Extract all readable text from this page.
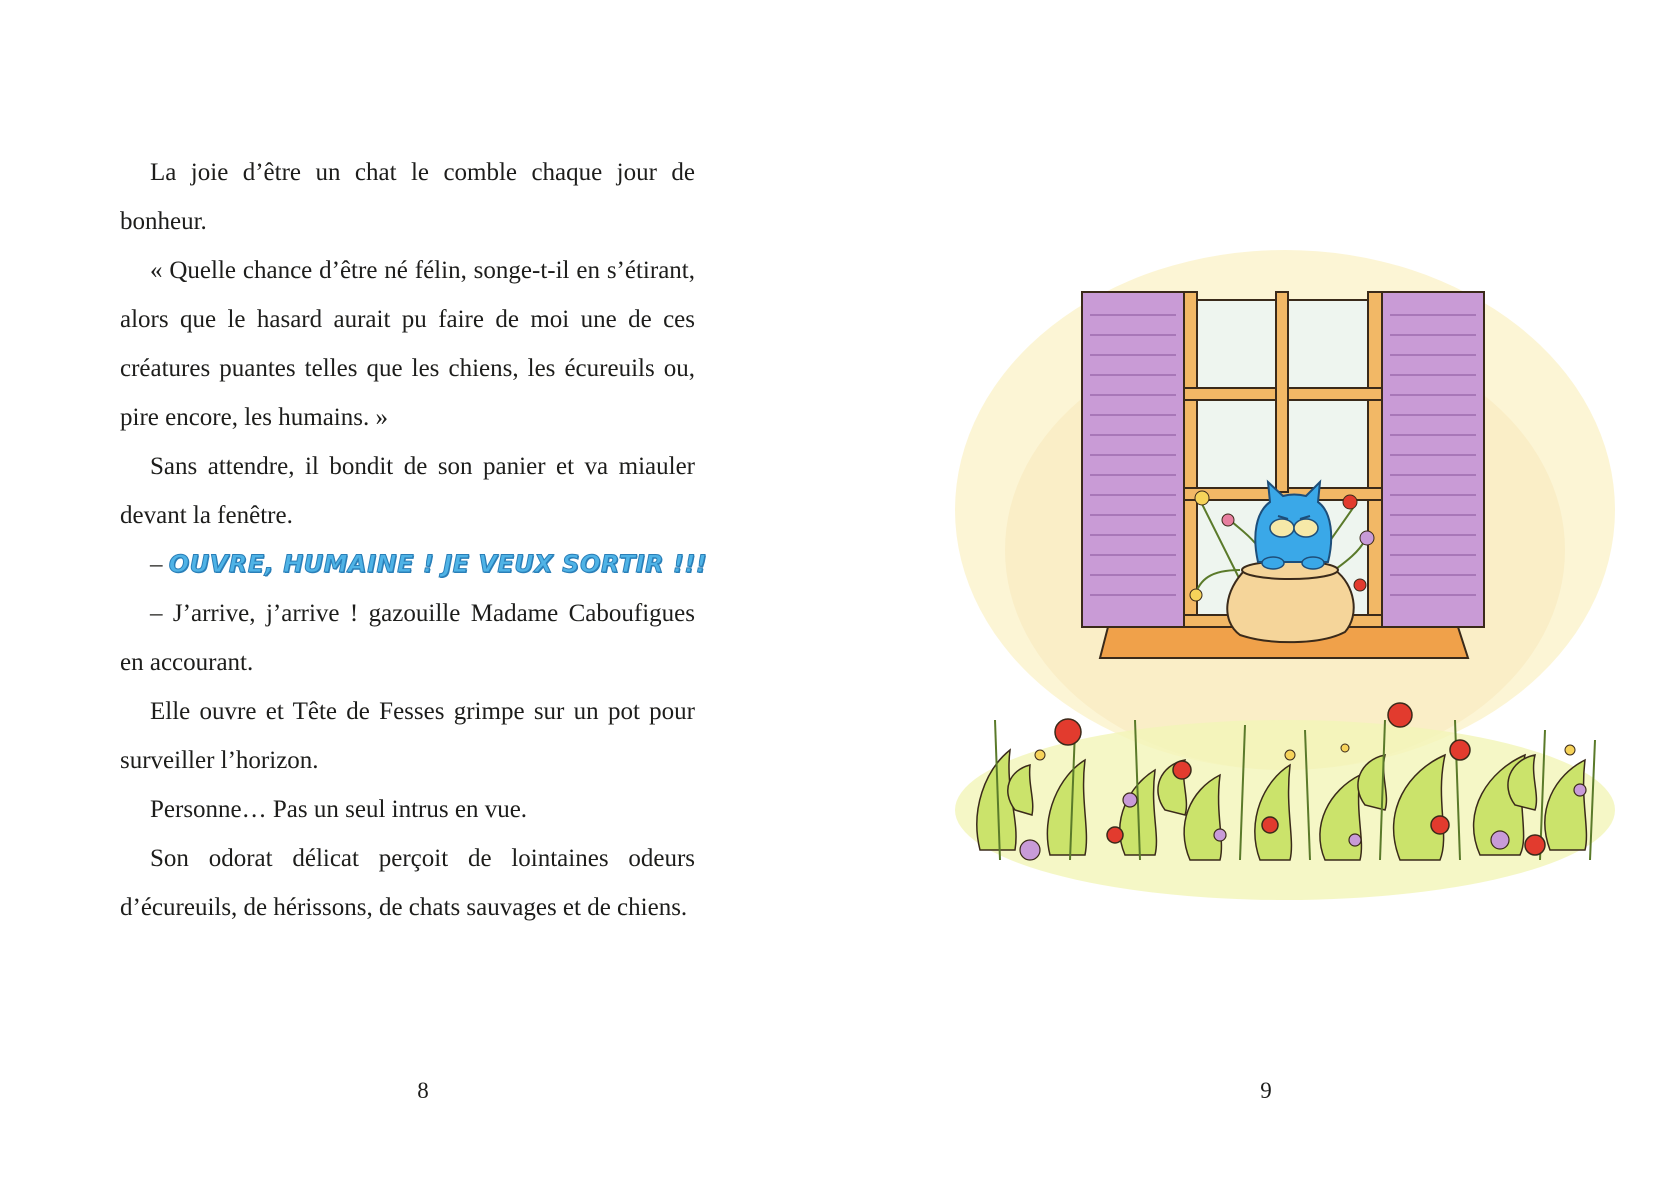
La joie d’être un chat le comble chaque jour de bonheur.

« Quelle chance d’être né félin, songe-t-il en s’étirant, alors que le hasard aurait pu faire de moi une de ces créatures puantes telles que les chiens, les écureuils ou, pire encore, les humains. »

Sans attendre, il bondit de son panier et va miauler devant la fenêtre.

– OUVRE, HUMAINE ! JE VEUX SORTIR !!!

– J’arrive, j’arrive ! gazouille Madame Caboufigues en accourant.

Elle ouvre et Tête de Fesses grimpe sur un pot pour surveiller l’horizon.

Personne… Pas un seul intrus en vue.

Son odorat délicat perçoit de lointaines odeurs d’écureuils, de hérissons, de chats sauvages et de chiens.

8	9
